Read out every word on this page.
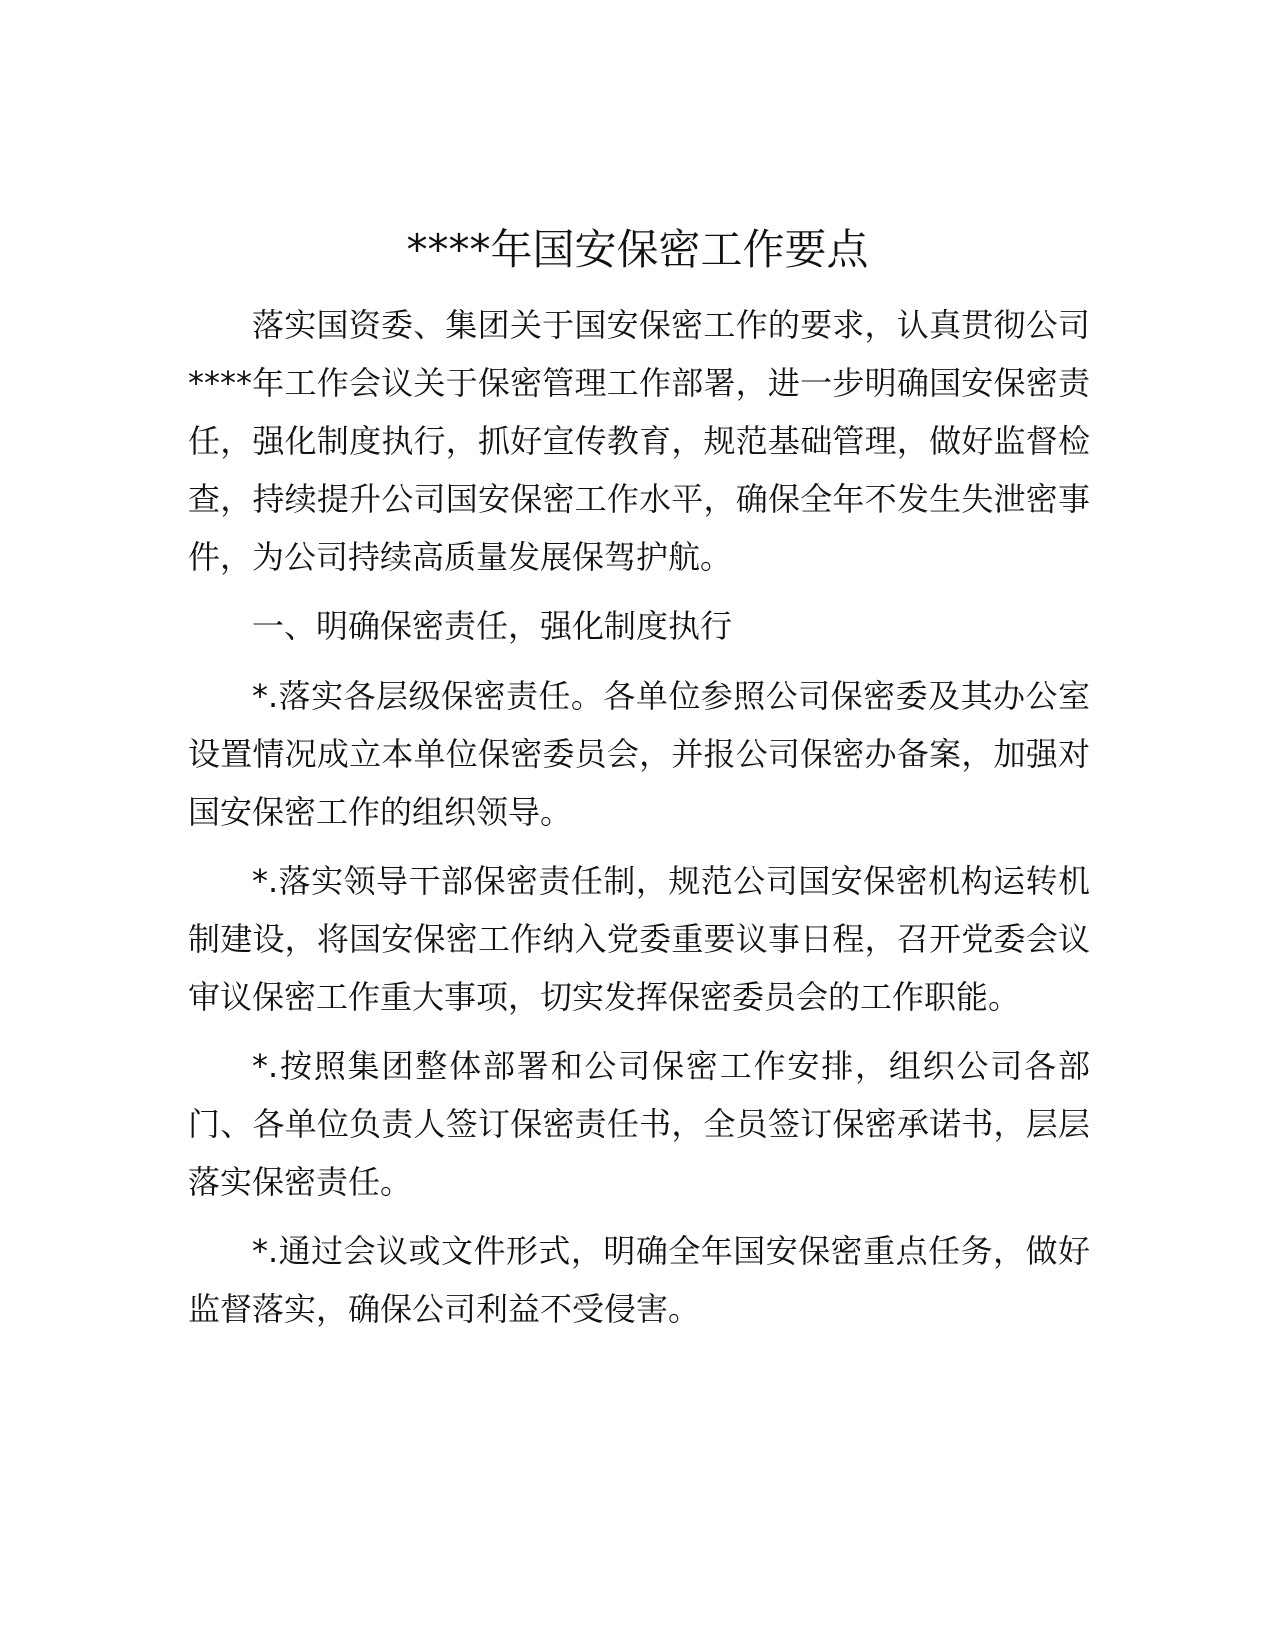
****年国安保密工作要点

落实国资委、集团关于国安保密工作的要求，认真贯彻公司****年工作会议关于保密管理工作部署，进一步明确国安保密责任，强化制度执行，抓好宣传教育，规范基础管理，做好监督检查，持续提升公司国安保密工作水平，确保全年不发生失泄密事件，为公司持续高质量发展保驾护航。

一、明确保密责任，强化制度执行

*.落实各层级保密责任。各单位参照公司保密委及其办公室设置情况成立本单位保密委员会，并报公司保密办备案，加强对国安保密工作的组织领导。

*.落实领导干部保密责任制，规范公司国安保密机构运转机制建设，将国安保密工作纳入党委重要议事日程，召开党委会议审议保密工作重大事项，切实发挥保密委员会的工作职能。

*.按照集团整体部署和公司保密工作安排，组织公司各部门、各单位负责人签订保密责任书，全员签订保密承诺书，层层落实保密责任。

*.通过会议或文件形式，明确全年国安保密重点任务，做好监督落实，确保公司利益不受侵害。
